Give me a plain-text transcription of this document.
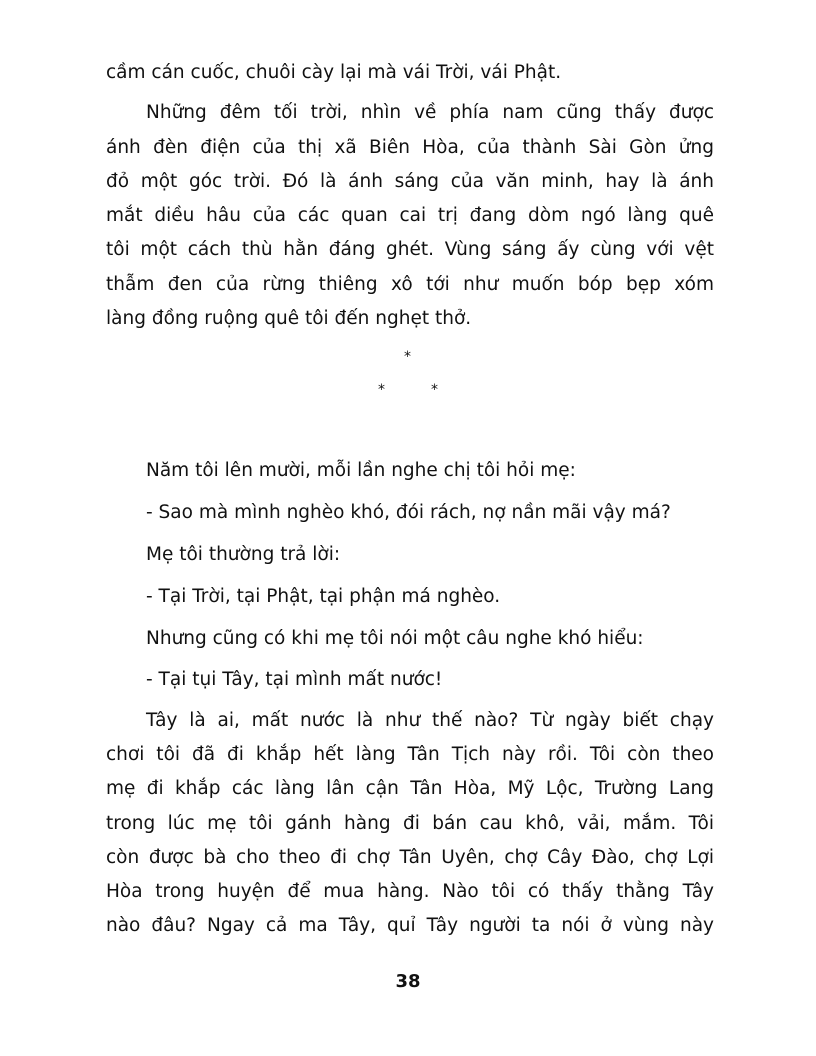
cầm cán cuốc, chuôi cày lại mà vái Trời, vái Phật.

Những đêm tối trời, nhìn về phía nam cũng thấy được

ánh đèn điện của thị xã Biên Hòa, của thành Sài Gòn ửng

đỏ một góc trời. Đó là ánh sáng của văn minh, hay là ánh

mắt diều hâu của các quan cai trị đang dòm ngó làng quê

tôi một cách thù hằn đáng ghét. Vùng sáng ấy cùng với vệt

thẫm đen của rừng thiêng xô tới như muốn bóp bẹp xóm

làng đồng ruộng quê tôi đến nghẹt thở.

*
*	*

Năm tôi lên mười, mỗi lần nghe chị tôi hỏi mẹ:

- Sao mà mình nghèo khó, đói rách, nợ nần mãi vậy má?

Mẹ tôi thường trả lời:

- Tại Trời, tại Phật, tại phận má nghèo.

Nhưng cũng có khi mẹ tôi nói một câu nghe khó hiểu:

- Tại tụi Tây, tại mình mất nước!

Tây là ai, mất nước là như thế nào? Từ ngày biết chạy

chơi tôi đã đi khắp hết làng Tân Tịch này rồi. Tôi còn theo

mẹ đi khắp các làng lân cận Tân Hòa, Mỹ Lộc, Trường Lang

trong lúc mẹ tôi gánh hàng đi bán cau khô, vải, mắm. Tôi

còn được bà cho theo đi chợ Tân Uyên, chợ Cây Đào, chợ Lợi

Hòa trong huyện để mua hàng. Nào tôi có thấy thằng Tây

nào đâu? Ngay cả ma Tây, quỉ Tây người ta nói ở vùng này

38
